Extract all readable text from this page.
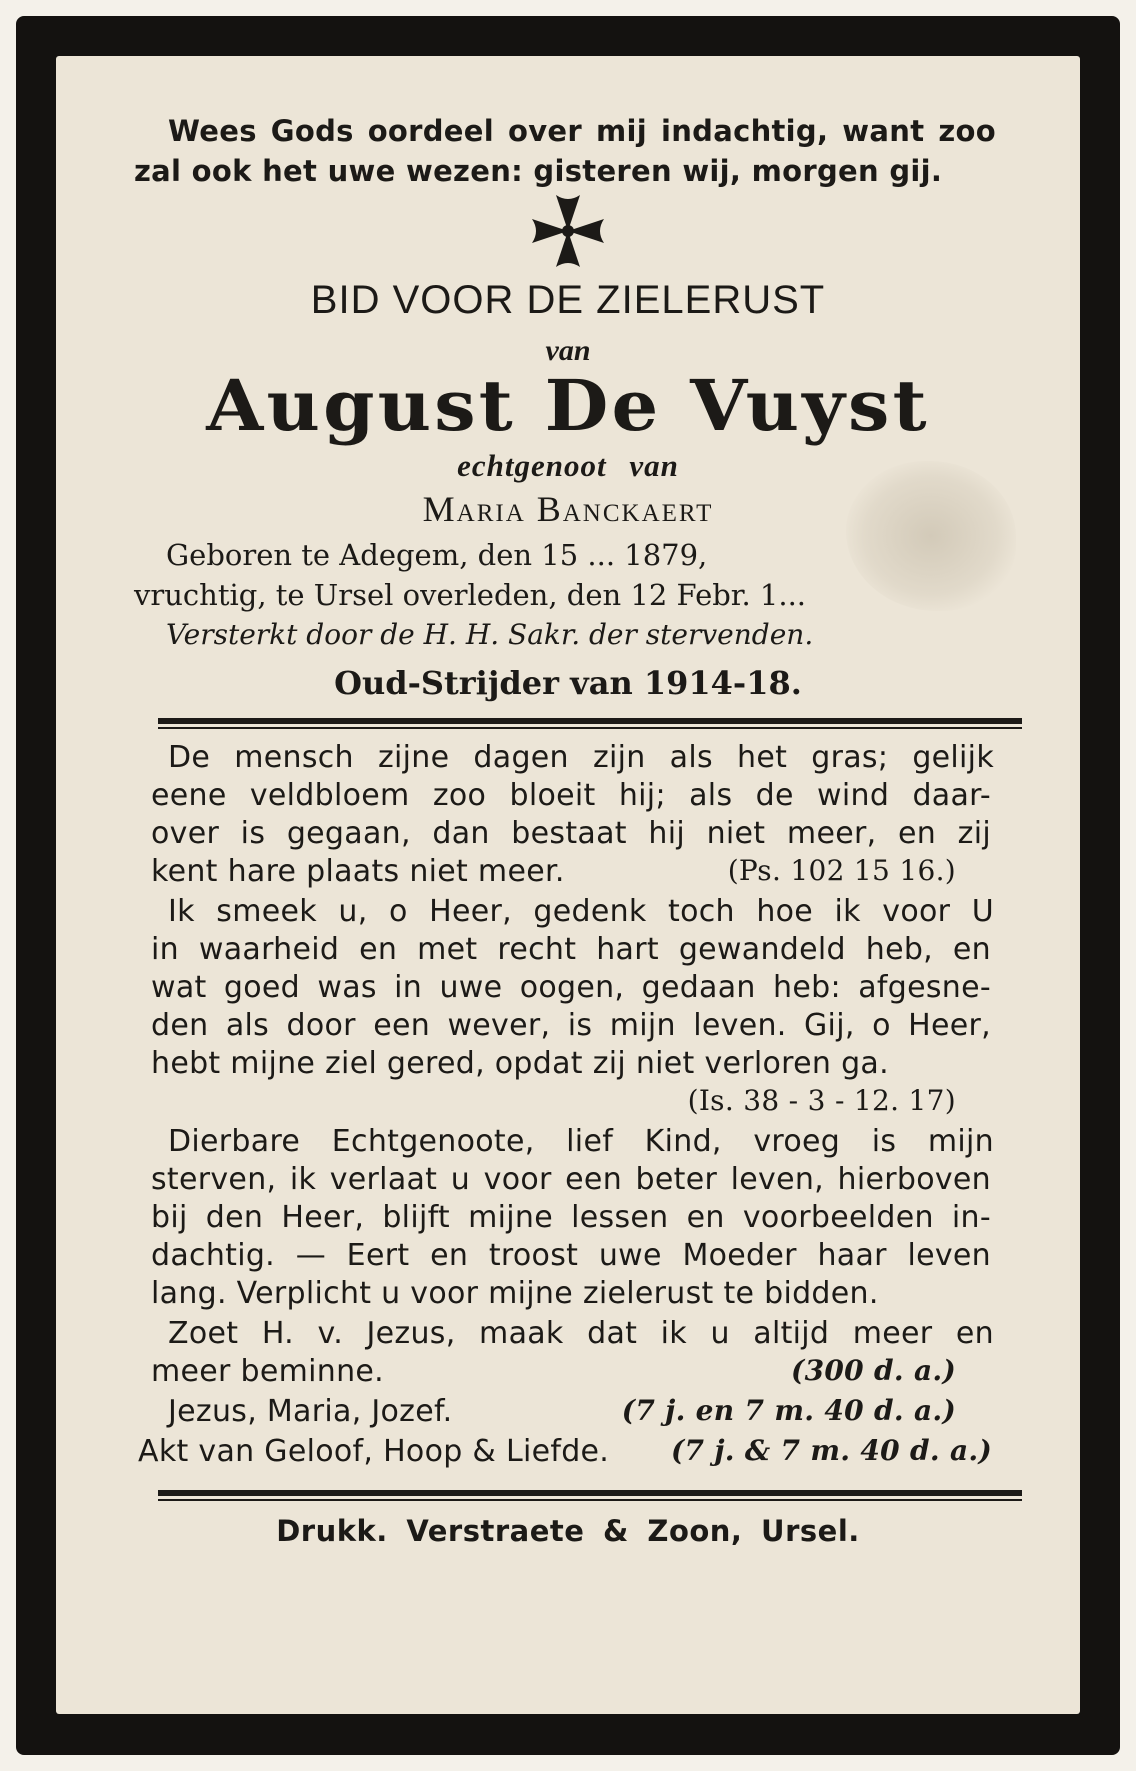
Wees Gods oordeel over mij indachtig, want zoo
zal ook het uwe wezen: gisteren wij, morgen gij.
BID VOOR DE ZIELERUST
van
August De Vuyst
echtgenoot van
Maria Banckaert
Geboren te Adegem, den 15 ... 1879,
vruchtig, te Ursel overleden, den 12 Febr. 1...
Versterkt door de H. H. Sakr. der stervenden.
Oud-Strijder van 1914-18.
De mensch zijne dagen zijn als het gras; gelijk
eene veldbloem zoo bloeit hij; als de wind daar-
over is gegaan, dan bestaat hij niet meer, en zij
kent hare plaats niet meer.	(Ps. 102 15 16.)
Ik smeek u, o Heer, gedenk toch hoe ik voor U
in waarheid en met recht hart gewandeld heb, en
wat goed was in uwe oogen, gedaan heb: afgesne-
den als door een wever, is mijn leven. Gij, o Heer,
hebt mijne ziel gered, opdat zij niet verloren ga.
(Is. 38 - 3 - 12. 17)
Dierbare Echtgenoote, lief Kind, vroeg is mijn
sterven, ik verlaat u voor een beter leven, hierboven
bij den Heer, blijft mijne lessen en voorbeelden in-
dachtig. — Eert en troost uwe Moeder haar leven
lang. Verplicht u voor mijne zielerust te bidden.
Zoet H. v. Jezus, maak dat ik u altijd meer en
meer beminne.	(300 d. a.)
Jezus, Maria, Jozef.	(7 j. en 7 m. 40 d. a.)
Akt van Geloof, Hoop & Liefde.	(7 j. & 7 m. 40 d. a.)
Drukk. Verstraete & Zoon, Ursel.
